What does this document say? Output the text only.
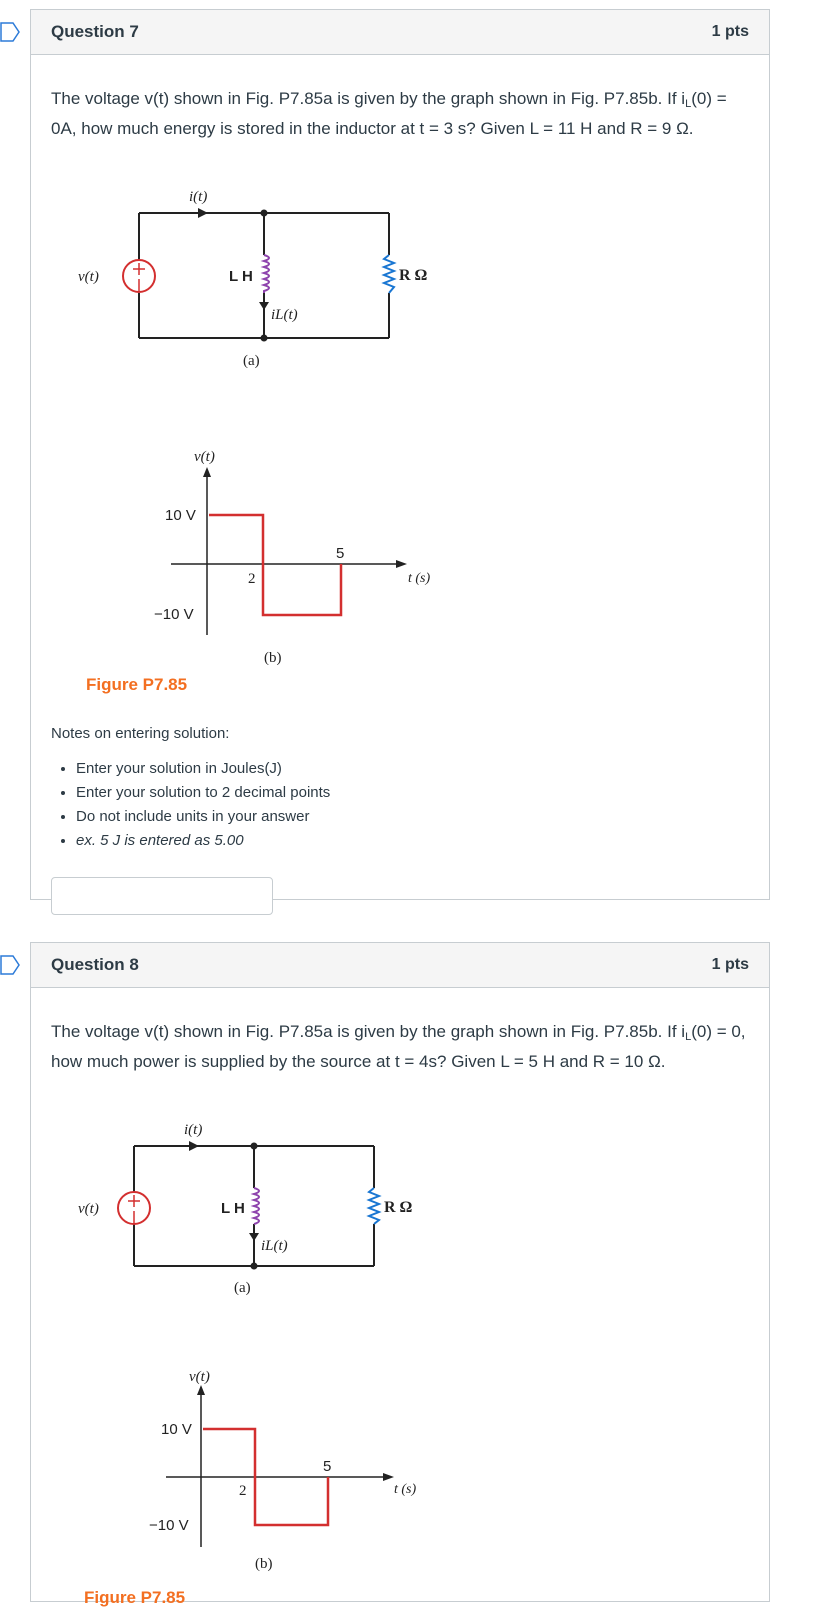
Question 7	1 pts

The voltage v(t) shown in Fig. P7.85a is given by the graph shown in Fig. P7.85b. If iL(0) = 0A, how much energy is stored in the inductor at t = 3 s? Given L = 11 H and R = 9 Ω.

i(t)
v(t)	L H	R Ω
iL(t)
(a)
v(t)
10 V
−10 V
2
5
t (s)
(b)
Figure P7.85
Notes on entering solution:
• Enter your solution in Joules(J)
• Enter your solution to 2 decimal points
• Do not include units in your answer
• ex. 5 J is entered as 5.00
Question 8	1 pts

The voltage v(t) shown in Fig. P7.85a is given by the graph shown in Fig. P7.85b. If iL(0) = 0, how much power is supplied by the source at t = 4s? Given L = 5 H and R = 10 Ω.

i(t)
v(t)	L H	R Ω
iL(t)
(a)
v(t)
10 V
−10 V
2
5
t (s)
(b)
Figure P7.85
